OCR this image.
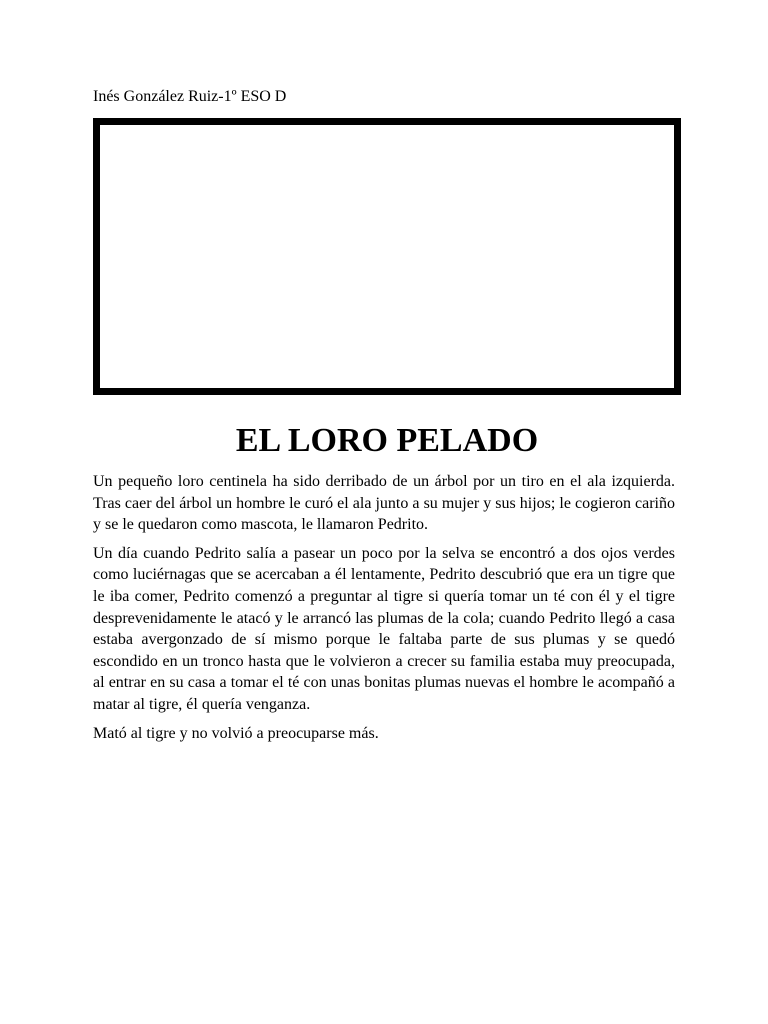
Inés González Ruiz-1º ESO D
EL LORO PELADO

Un pequeño loro centinela ha sido derribado de un árbol por un tiro en el ala izquierda. Tras caer del árbol un hombre le curó el ala junto a su mujer y sus hijos; le cogieron cariño y se le quedaron como mascota, le llamaron Pedrito.

Un día cuando Pedrito salía a pasear un poco por la selva se encontró a dos ojos verdes como luciérnagas que se acercaban a él lentamente, Pedrito descubrió que era un tigre que le iba comer, Pedrito comenzó a preguntar al tigre si quería tomar un té con él y el tigre desprevenidamente le atacó y le arrancó las plumas de la cola; cuando Pedrito llegó a casa estaba avergonzado de sí mismo porque le faltaba parte de sus plumas y se quedó escondido en un tronco hasta que le volvieron a crecer su familia estaba muy preocupada, al entrar en su casa a tomar el té con unas bonitas plumas nuevas el hombre le acompañó a matar al tigre, él quería venganza.

Mató al tigre y no volvió a preocuparse más.
